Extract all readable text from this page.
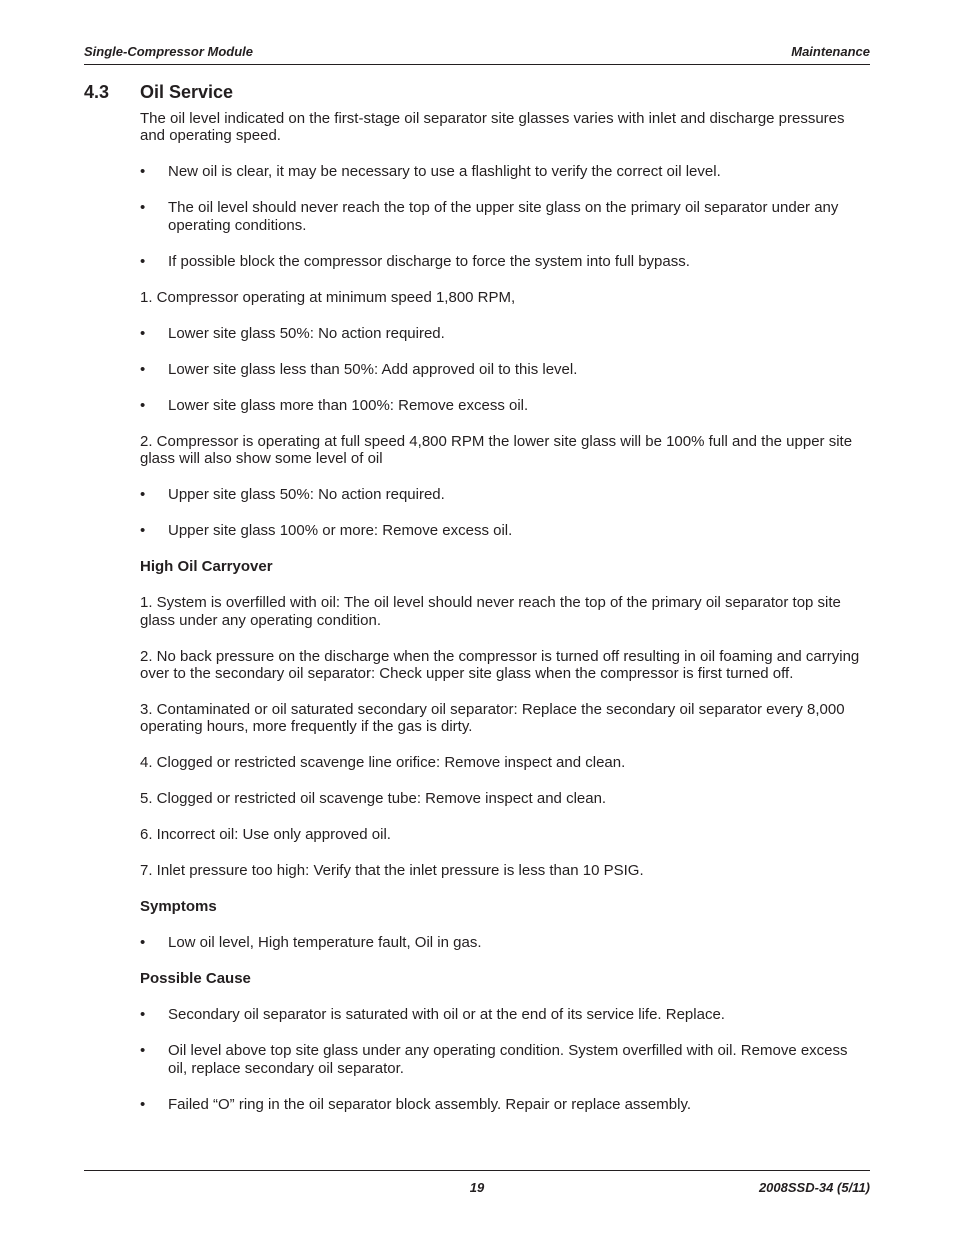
Single-Compressor Module	Maintenance
4.3 Oil Service

The oil level indicated on the first-stage oil separator site glasses varies with inlet and discharge pressures and operating speed.

• New oil is clear, it may be necessary to use a flashlight to verify the correct oil level.
• The oil level should never reach the top of the upper site glass on the primary oil separator under any operating conditions.
• If possible block the compressor discharge to force the system into full bypass.

1. Compressor operating at minimum speed 1,800 RPM,

• Lower site glass 50%: No action required.
• Lower site glass less than 50%: Add approved oil to this level.
• Lower site glass more than 100%: Remove excess oil.

2. Compressor is operating at full speed 4,800 RPM the lower site glass will be 100% full and the upper site glass will also show some level of oil

• Upper site glass 50%: No action required.
• Upper site glass 100% or more: Remove excess oil.
High Oil Carryover

1. System is overfilled with oil: The oil level should never reach the top of the primary oil separator top site glass under any operating condition.

2. No back pressure on the discharge when the compressor is turned off resulting in oil foaming and carrying over to the secondary oil separator: Check upper site glass when the compressor is first turned off.

3. Contaminated or oil saturated secondary oil separator: Replace the secondary oil separator every 8,000 operating hours, more frequently if the gas is dirty.

4. Clogged or restricted scavenge line orifice: Remove inspect and clean.

5. Clogged or restricted oil scavenge tube: Remove inspect and clean.

6. Incorrect oil: Use only approved oil.

7. Inlet pressure too high: Verify that the inlet pressure is less than 10 PSIG.

Symptoms
• Low oil level, High temperature fault, Oil in gas.
Possible Cause
• Secondary oil separator is saturated with oil or at the end of its service life. Replace.
• Oil level above top site glass under any operating condition. System overfilled with oil. Remove excess oil, replace secondary oil separator.
• Failed “O” ring in the oil separator block assembly. Repair or replace assembly.
19	2008SSD-34 (5/11)
